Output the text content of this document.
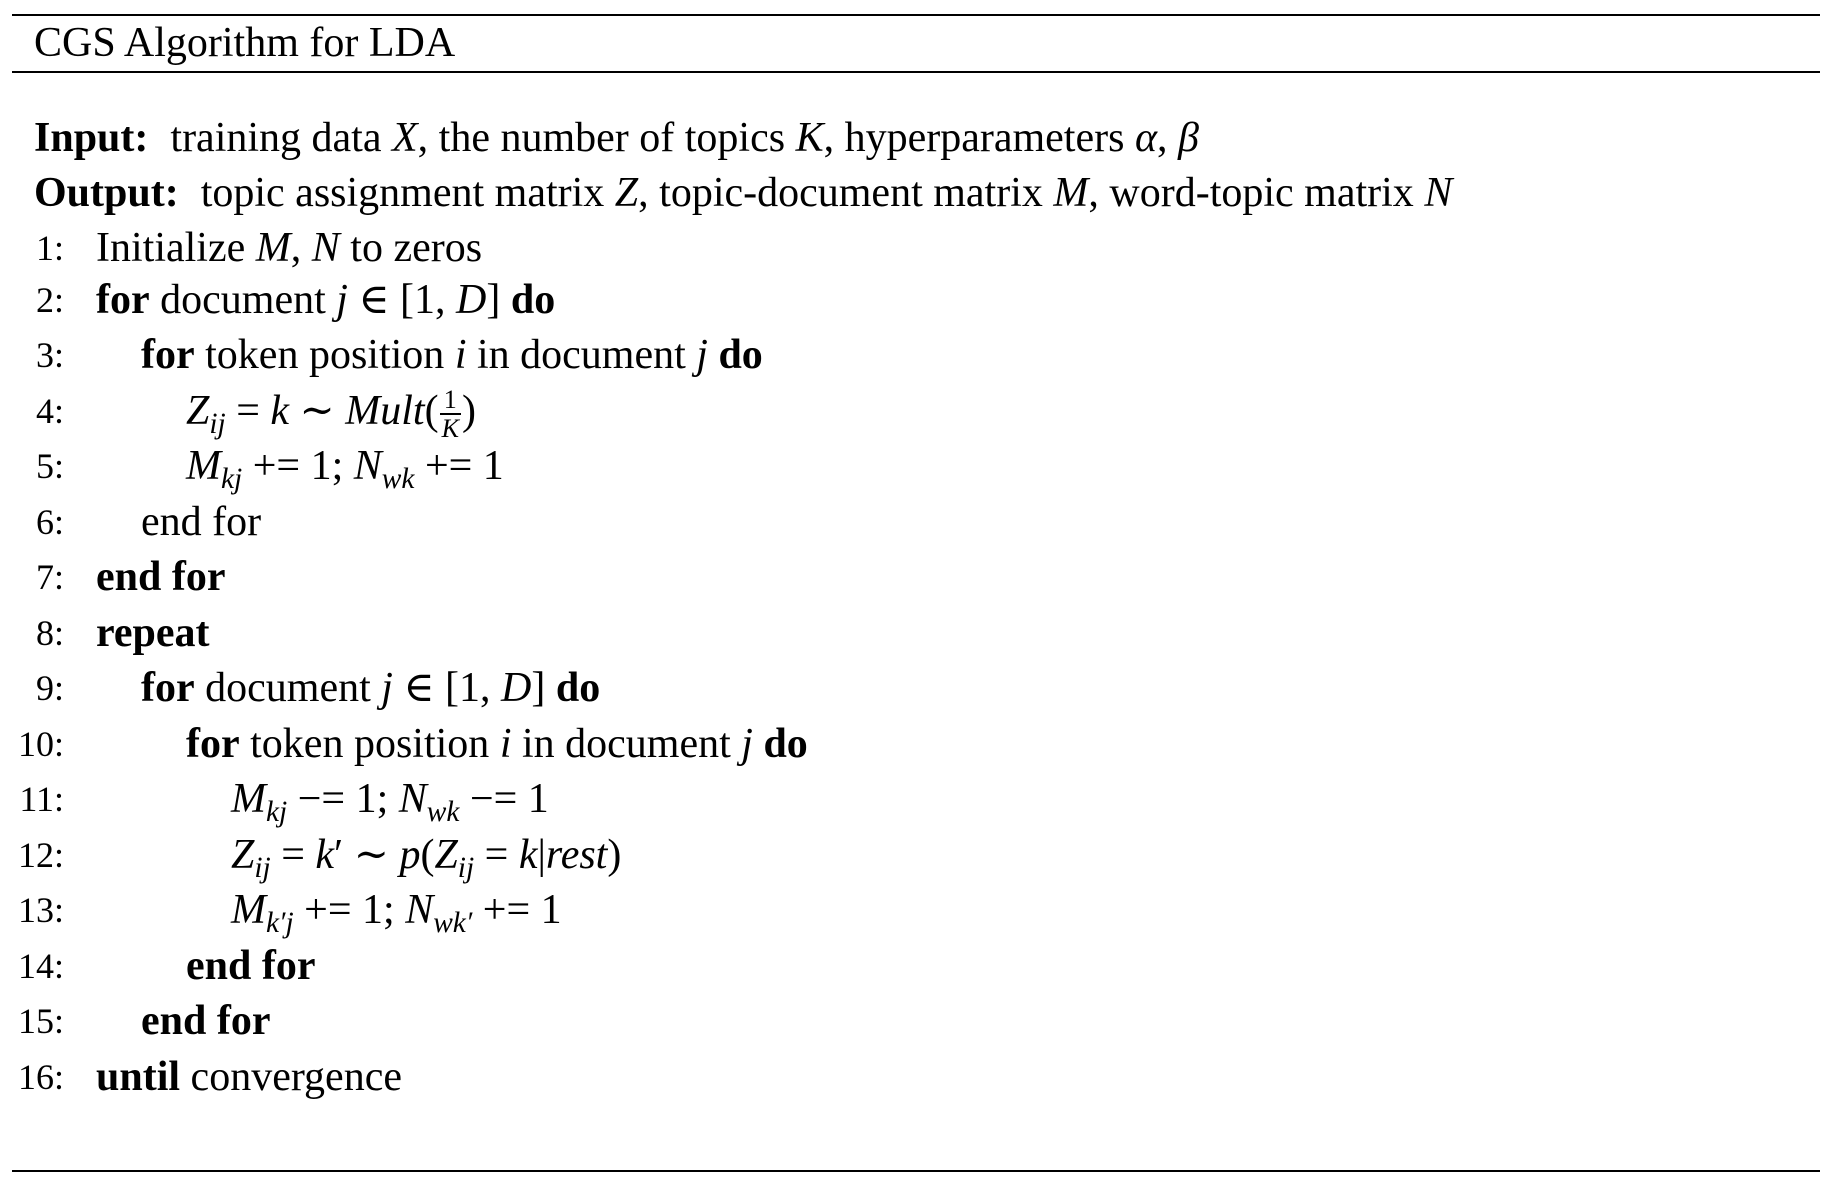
CGS Algorithm for LDA
Input: training data X, the number of topics K, hyperparameters α, β
Output: topic assignment matrix Z, topic-document matrix M, word-topic matrix N
1: Initialize M, N to zeros
2: for document j ∈ [1, D] do
3: for token position i in document j do
4:	$Z_{ij} = k$ ∼ Mult( $\frac{1}{K}$ )
5:	$M_{kj} += 1$; $N_{wk} += 1$
6: end for
7: end for
8: repeat
9: for document j ∈ [1, D] do
10:	for token position i in document j do
11:	$M_{kj} -= 1$; $N_{wk} -= 1$
12:	$Z_{ij} = k'$ ∼ $p(Z_{ij}$ = k|rest)
13:	$M_{k'j} += 1$; $N_{wk'} += 1$
14:	end for
15: end for
16: until convergence
